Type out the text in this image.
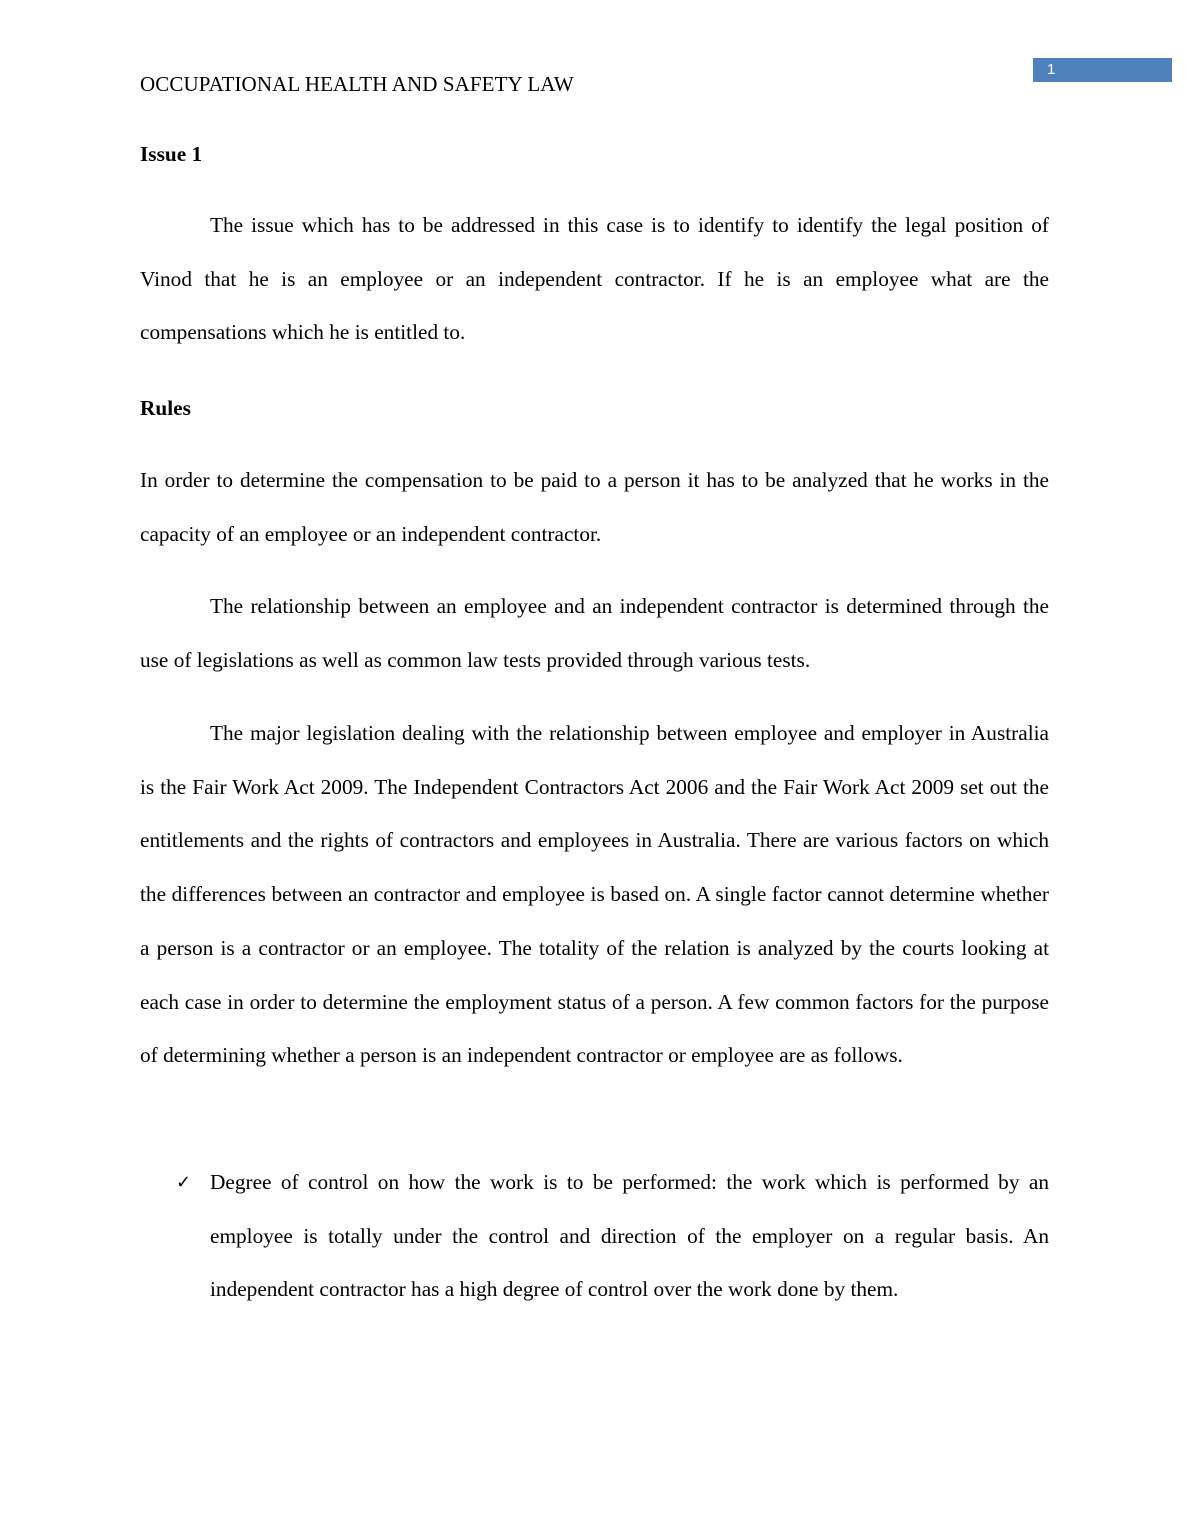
1
OCCUPATIONAL HEALTH AND SAFETY LAW
Issue 1

The issue which has to be addressed in this case is to identify to identify the legal position of Vinod that he is an employee or an independent contractor. If he is an employee what are the compensations which he is entitled to.

Rules

In order to determine the compensation to be paid to a person it has to be analyzed that he works in the capacity of an employee or an independent contractor.

The relationship between an employee and an independent contractor is determined through the use of legislations as well as common law tests provided through various tests.

The major legislation dealing with the relationship between employee and employer in Australia is the Fair Work Act 2009. The Independent Contractors Act 2006 and the Fair Work Act 2009 set out the entitlements and the rights of contractors and employees in Australia. There are various factors on which the differences between an contractor and employee is based on. A single factor cannot determine whether a person is a contractor or an employee. The totality of the relation is analyzed by the courts looking at each case in order to determine the employment status of a person. A few common factors for the purpose of determining whether a person is an independent contractor or employee are as follows.

✓ Degree of control on how the work is to be performed: the work which is performed by an employee is totally under the control and direction of the employer on a regular basis. An independent contractor has a high degree of control over the work done by them.
